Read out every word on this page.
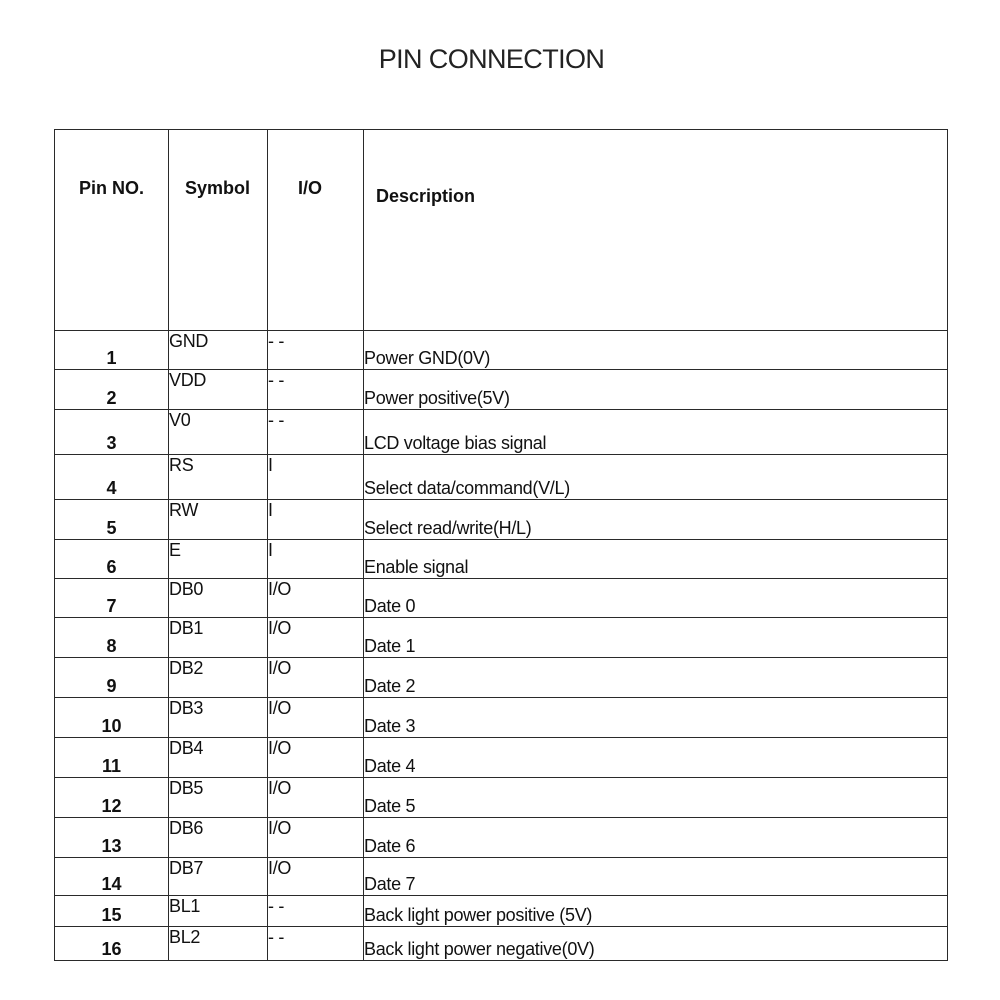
PIN CONNECTION
Pin NO.	Symbol	I/O	Description
1	GND	- -	Power GND(0V)
2	VDD	- -	Power positive(5V)
3	V0	- -	LCD voltage bias signal
4	RS	I	Select data/command(V/L)
5	RW	I	Select read/write(H/L)
6	E	I	Enable signal
7	DB0	I/O	Date 0
8	DB1	I/O	Date 1
9	DB2	I/O	Date 2
10	DB3	I/O	Date 3
11	DB4	I/O	Date 4
12	DB5	I/O	Date 5
13	DB6	I/O	Date 6
14	DB7	I/O	Date 7
15	BL1	- -	Back light power positive (5V)
16	BL2	- -	Back light power negative(0V)
